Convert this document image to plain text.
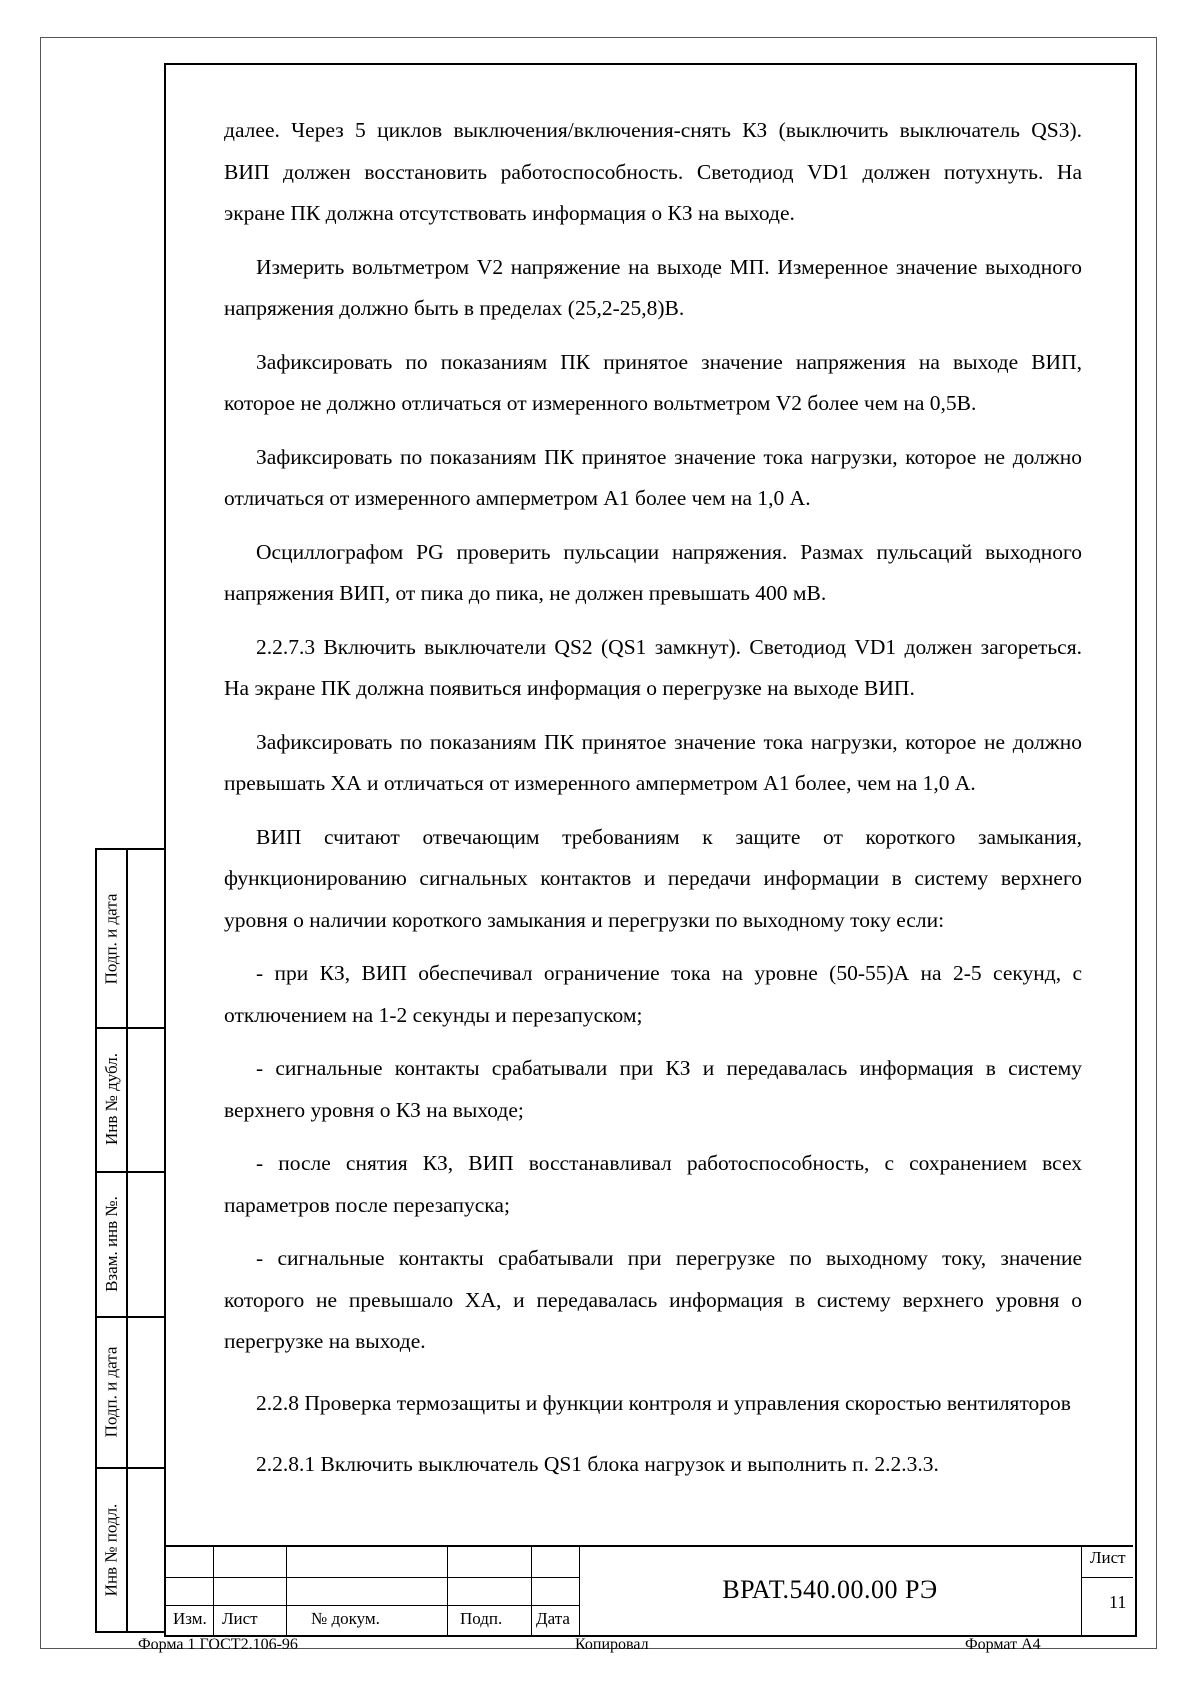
далее. Через 5 циклов выключения/включения-снять КЗ (выключить выключатель QS3). ВИП должен восстановить работоспособность. Светодиод VD1 должен потухнуть. На экране ПК должна отсутствовать информация о КЗ на выходе.

Измерить вольтметром V2 напряжение на выходе МП. Измеренное значение выходного напряжения должно быть в пределах (25,2-25,8)В.

Зафиксировать по показаниям ПК принятое значение напряжения на выходе ВИП, которое не должно отличаться от измеренного вольтметром V2 более чем на 0,5В.

Зафиксировать по показаниям ПК принятое значение тока нагрузки, которое не должно отличаться от измеренного амперметром А1 более чем на 1,0 А.

Осциллографом PG проверить пульсации напряжения. Размах пульсаций выходного напряжения ВИП, от пика до пика, не должен превышать 400 мВ.

2.2.7.3 Включить выключатели QS2 (QS1 замкнут). Светодиод VD1 должен загореться. На экране ПК должна появиться информация о перегрузке на выходе ВИП.

Зафиксировать по показаниям ПК принятое значение тока нагрузки, которое не должно превышать ХА и отличаться от измеренного амперметром А1 более, чем на 1,0 А.

ВИП считают отвечающим требованиям к защите от короткого замыкания, функционированию сигнальных контактов и передачи информации в систему верхнего уровня о наличии короткого замыкания и перегрузки по выходному току если:

- при КЗ, ВИП обеспечивал ограничение тока на уровне (50-55)А на 2-5 секунд, с отключением на 1-2 секунды и перезапуском;

- сигнальные контакты срабатывали при КЗ и передавалась информация в систему верхнего уровня о КЗ на выходе;

- после снятия КЗ, ВИП восстанавливал работоспособность, с сохранением всех параметров после перезапуска;

- сигнальные контакты срабатывали при перегрузке по выходному току, значение которого не превышало ХА, и передавалась информация в систему верхнего уровня о перегрузке на выходе.

2.2.8 Проверка термозащиты и функции контроля и управления скоростью вентиляторов

2.2.8.1 Включить выключатель QS1 блока нагрузок и выполнить п. 2.2.3.3.

Подп. и дата
Инв № дубл.
Взам. инв №.
Подп. и дата
Инв № подл.
Изм. Лист	№ докум.	Подп. Дата
ВРАТ.540.00.00 РЭ
Лист
11
Форма 1 ГОСТ2.106-96	Копировал	Формат А4
